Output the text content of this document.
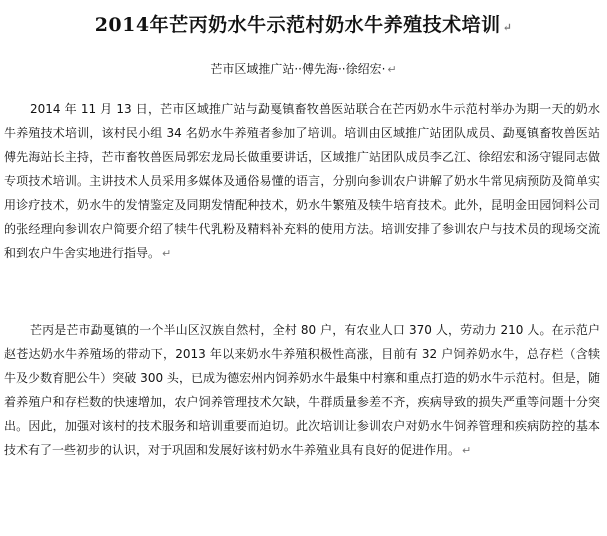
2014年芒丙奶水牛示范村奶水牛养殖技术培训 ↵
芒市区域推广站··傅先海··徐绍宏· ↵

2014 年 11 月 13 日，芒市区域推广站与勐戛镇畜牧兽医站联合在芒丙奶水牛示范村举办为期一天的奶水牛养殖技术培训，该村民小组 34 名奶水牛养殖者参加了培训。培训由区域推广站团队成员、勐戛镇畜牧兽医站傅先海站长主持，芒市畜牧兽医局郭宏龙局长做重要讲话，区域推广站团队成员李乙江、徐绍宏和汤守锟同志做专项技术培训。主讲技术人员采用多媒体及通俗易懂的语言，分别向参训农户讲解了奶水牛常见病预防及简单实用诊疗技术，奶水牛的发情鉴定及同期发情配种技术，奶水牛繁殖及犊牛培育技术。此外，昆明金田园饲料公司的张经理向参训农户简要介绍了犊牛代乳粉及精料补充料的使用方法。培训安排了参训农户与技术员的现场交流和到农户牛舍实地进行指导。 ↵

芒丙是芒市勐戛镇的一个半山区汉族自然村，全村 80 户，有农业人口 370 人，劳动力 210 人。在示范户赵苍达奶水牛养殖场的带动下，2013 年以来奶水牛养殖积极性高涨，目前有 32 户饲养奶水牛，总存栏（含犊牛及少数育肥公牛）突破 300 头，已成为德宏州内饲养奶水牛最集中村寨和重点打造的奶水牛示范村。但是，随着养殖户和存栏数的快速增加，农户饲养管理技术欠缺，牛群质量参差不齐，疾病导致的损失严重等问题十分突出。因此，加强对该村的技术服务和培训重要而迫切。此次培训让参训农户对奶水牛饲养管理和疾病防控的基本技术有了一些初步的认识，对于巩固和发展好该村奶水牛养殖业具有良好的促进作用。 ↵
